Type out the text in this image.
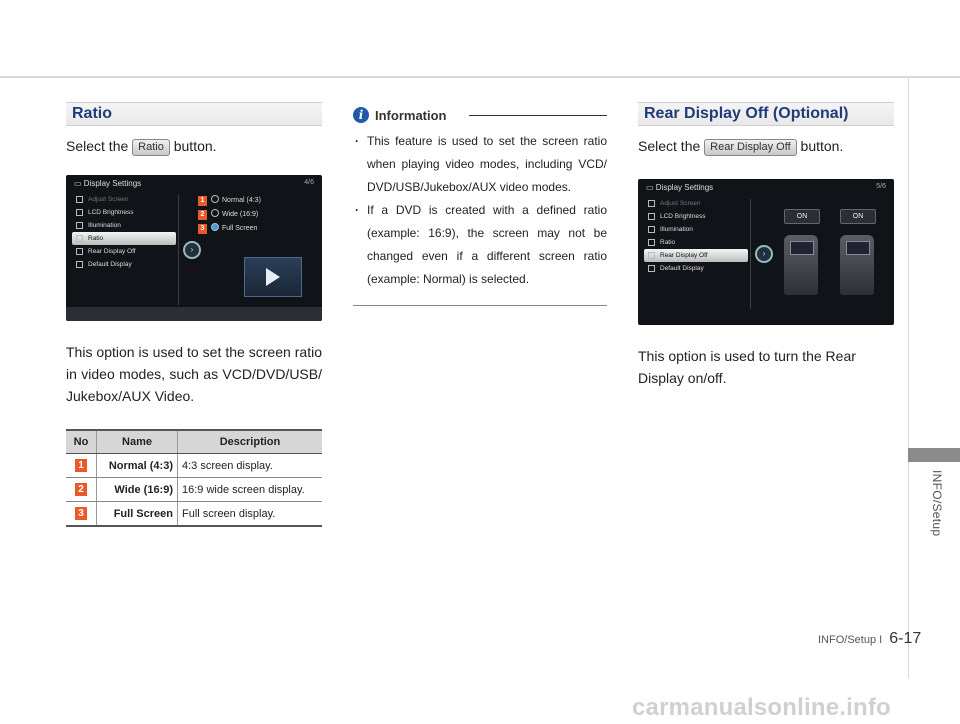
INFO/Setup
Ratio
Select the Ratio button.
▭ Display Settings	4/6
Adjust Screen
LCD Brightness
Illumination
Ratio
Rear Display Off
Default Display
›
1	Normal (4:3)
2	Wide (16:9)
3	Full Screen
This option is used to set the screen ratio in video modes, such as VCD/DVD/USB/ Jukebox/AUX Video.
No	Name	Description
1	Normal (4:3)	4:3 screen display.
2	Wide (16:9)	16:9 wide screen display.
3	Full Screen	Full screen display.
i Information
· This feature is used to set the screen ratio when playing video modes, including VCD/ DVD/USB/Jukebox/AUX video modes.
· If a DVD is created with a defined ratio (example: 16:9), the screen may not be changed even if a different screen ratio (example: Normal) is selected.
Rear Display Off (Optional)
Select the Rear Display Off button.
▭ Display Settings	5/6
Adjust Screen
LCD Brightness
Illumination
Ratio
Rear Display Off
Default Display
›
ON	ON
This option is used to turn the Rear Display on/off.
INFO/Setup I 6-17
carmanualsonline.info
